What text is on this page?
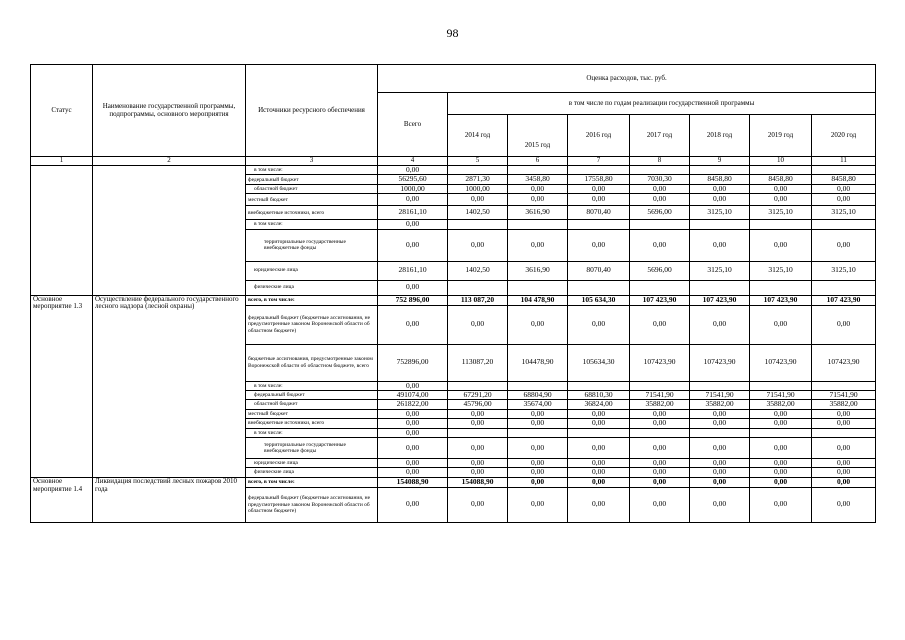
98
Статус	Наименование государственной программы, подпрограммы, основного мероприятия	Источники ресурсного обеспечения	Оценка расходов, тыс. руб.							
			Всего	в том числе по годам реализации государственной программы						
				2014 год	2015 год	2016 год	2017 год	2018 год	2019 год	2020 год
1	2	3	4	5	6	7	8	9	10	11
		в том числе:	0,00							
		федеральный бюджет	56295,60	2871,30	3458,80	17558,80	7030,30	8458,80	8458,80	8458,80
		областной бюджет	1000,00	1000,00	0,00	0,00	0,00	0,00	0,00	0,00
		местный бюджет	0,00	0,00	0,00	0,00	0,00	0,00	0,00	0,00
		внебюджетные источники, всего	28161,10	1402,50	3616,90	8070,40	5696,00	3125,10	3125,10	3125,10
		в том числе:	0,00							
		территориальные государственные внебюджетные фонды	0,00	0,00	0,00	0,00	0,00	0,00	0,00	0,00
		юридические лица	28161,10	1402,50	3616,90	8070,40	5696,00	3125,10	3125,10	3125,10
		физические лица	0,00							
Основное мероприятие 1.3	Осуществление федерального государственного лесного надзора (лесной охраны)	всего, в том числе:	752 896,00	113 087,20	104 478,90	105 634,30	107 423,90	107 423,90	107 423,90	107 423,90
		федеральный бюджет (бюджетные ассигнования, не предусмотренные законом Воронежской области об областном бюджете)	0,00	0,00	0,00	0,00	0,00	0,00	0,00	0,00
		бюджетные ассигнования, предусмотренные законом Воронежской области об областном бюджете, всего	752896,00	113087,20	104478,90	105634,30	107423,90	107423,90	107423,90	107423,90
		в том числе:	0,00							
		федеральный бюджет	491074,00	67291,20	68804,90	68810,30	71541,90	71541,90	71541,90	71541,90
		областной бюджет	261822,00	45796,00	35674,00	36824,00	35882,00	35882,00	35882,00	35882,00
		местный бюджет	0,00	0,00	0,00	0,00	0,00	0,00	0,00	0,00
		внебюджетные источники, всего	0,00	0,00	0,00	0,00	0,00	0,00	0,00	0,00
		в том числе:	0,00							
		территориальные государственные внебюджетные фонды	0,00	0,00	0,00	0,00	0,00	0,00	0,00	0,00
		юридические лица	0,00	0,00	0,00	0,00	0,00	0,00	0,00	0,00
		физические лица	0,00	0,00	0,00	0,00	0,00	0,00	0,00	0,00
Основное мероприятие 1.4	Ликвидация последствий лесных пожаров 2010 года	всего, в том числе:	154088,90	154088,90	0,00	0,00	0,00	0,00	0,00	0,00
		федеральный бюджет (бюджетные ассигнования, не предусмотренные законом Воронежской области об областном бюджете)	0,00	0,00	0,00	0,00	0,00	0,00	0,00	0,00
